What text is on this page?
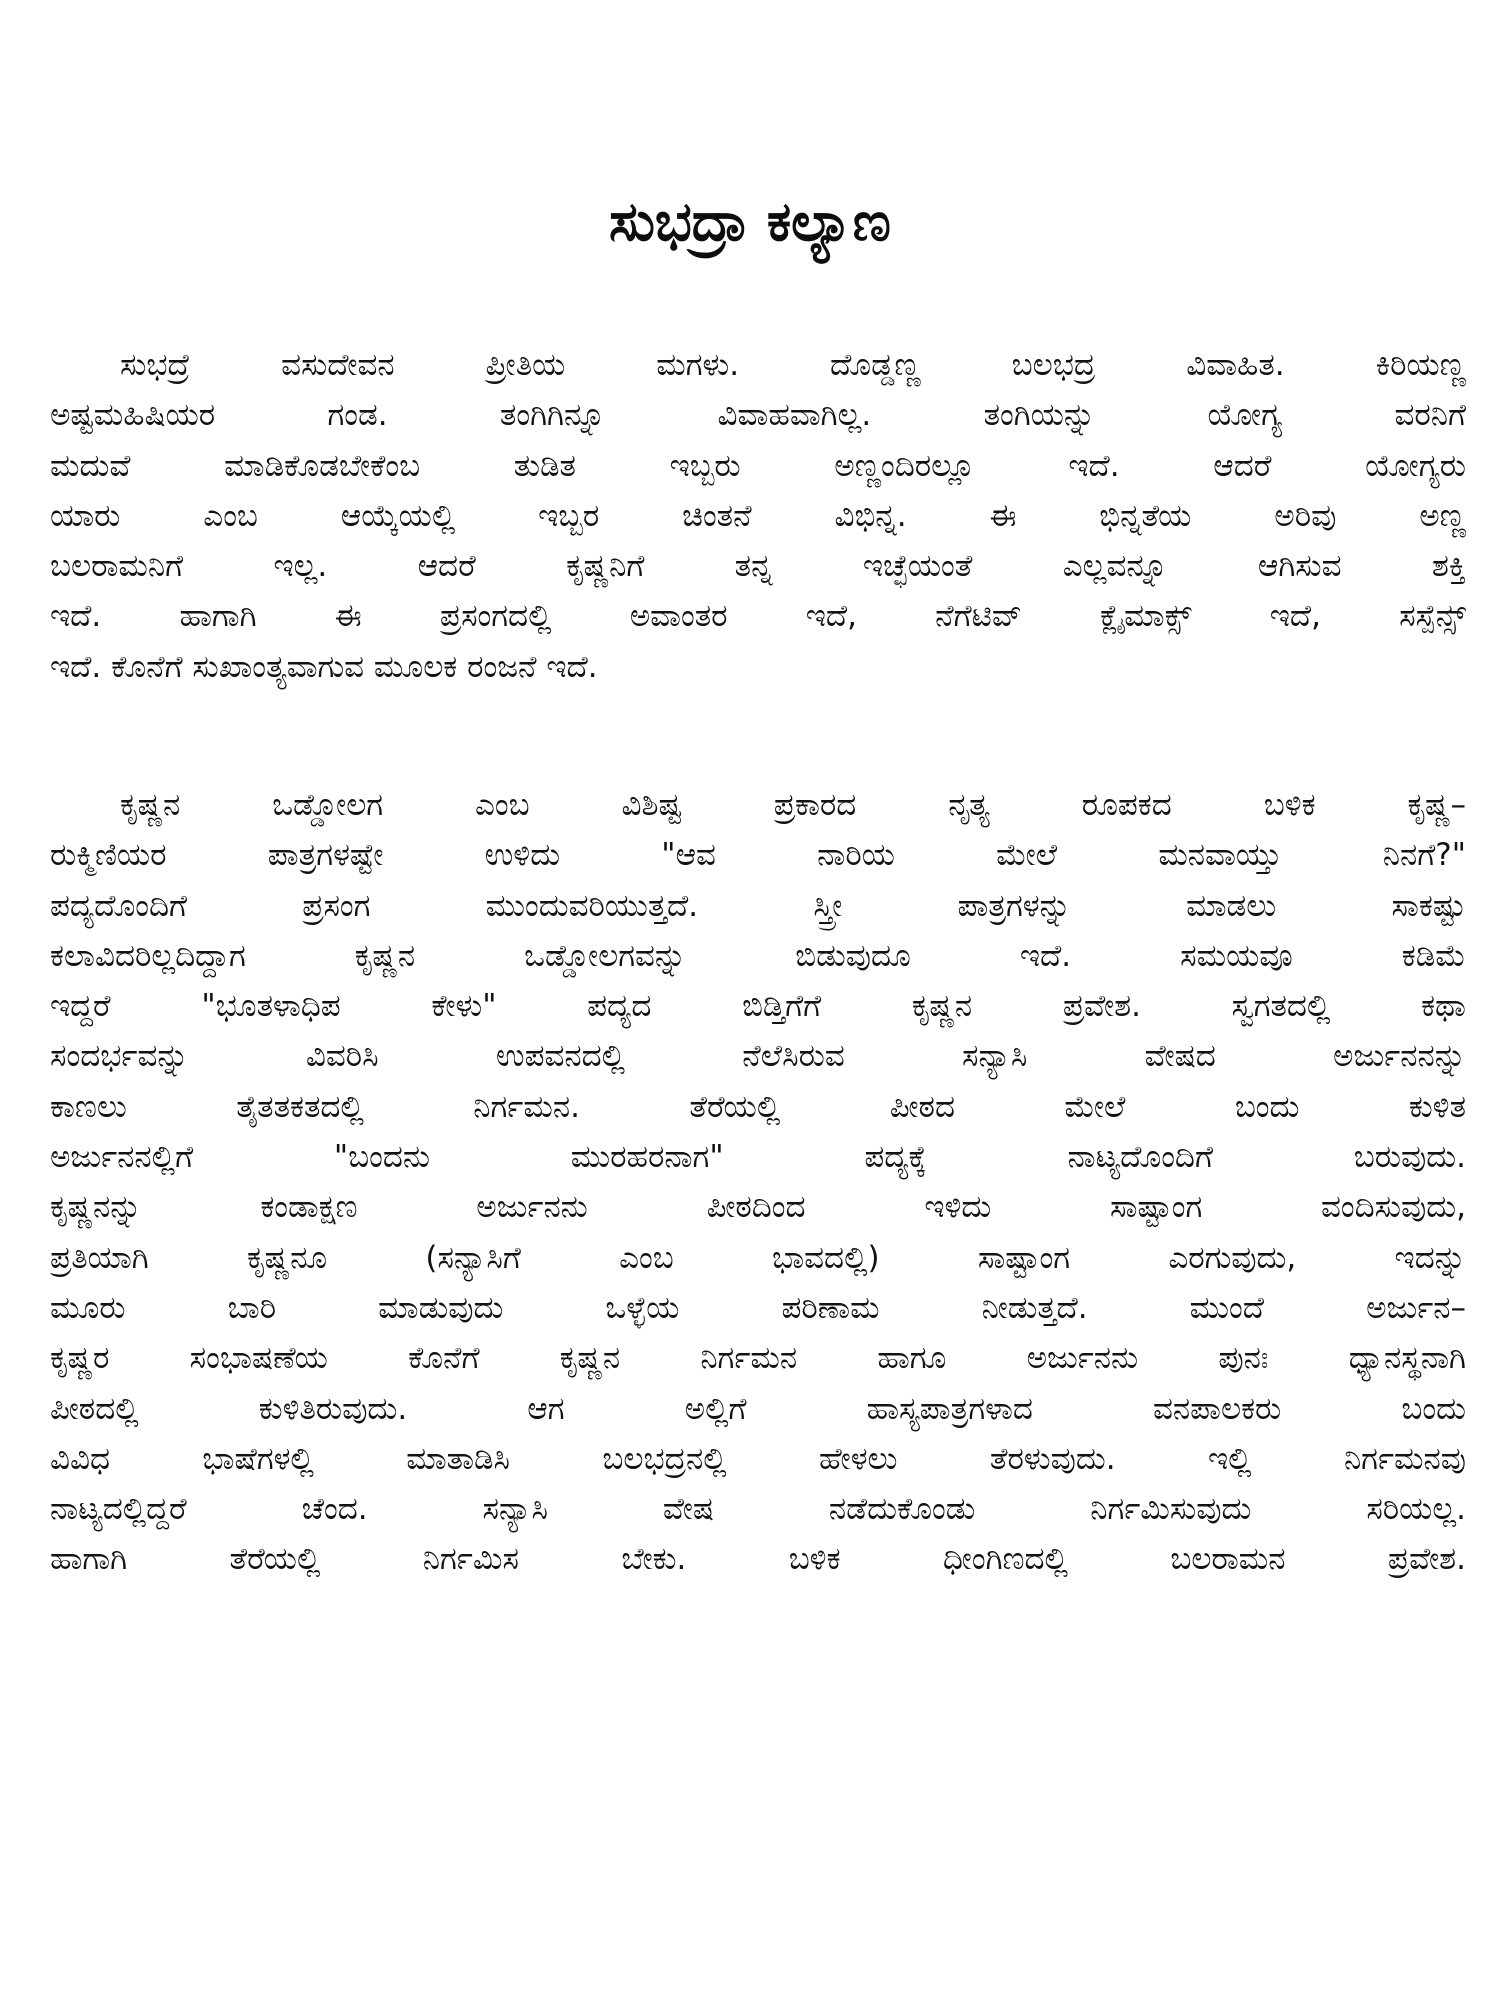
ಸುಭದ್ರಾ ಕಲ್ಯಾಣ
ಸುಭದ್ರೆ ವಸುದೇವನ ಪ್ರೀತಿಯ ಮಗಳು. ದೊಡ್ಡಣ್ಣ ಬಲಭದ್ರ ವಿವಾಹಿತ. ಕಿರಿಯಣ್ಣ
ಅಷ್ಟಮಹಿಷಿಯರ ಗಂಡ. ತಂಗಿಗಿನ್ನೂ ವಿವಾಹವಾಗಿಲ್ಲ. ತಂಗಿಯನ್ನು ಯೋಗ್ಯ ವರನಿಗೆ
ಮದುವೆ ಮಾಡಿಕೊಡಬೇಕೆಂಬ ತುಡಿತ ಇಬ್ಬರು ಅಣ್ಣಂದಿರಲ್ಲೂ ಇದೆ. ಆದರೆ ಯೋಗ್ಯರು
ಯಾರು ಎಂಬ ಆಯ್ಕೆಯಲ್ಲಿ ಇಬ್ಬರ ಚಿಂತನೆ ವಿಭಿನ್ನ. ಈ ಭಿನ್ನತೆಯ ಅರಿವು ಅಣ್ಣ
ಬಲರಾಮನಿಗೆ ಇಲ್ಲ. ಆದರೆ ಕೃಷ್ಣನಿಗೆ ತನ್ನ ಇಚ್ಛೆಯಂತೆ ಎಲ್ಲವನ್ನೂ ಆಗಿಸುವ ಶಕ್ತಿ
ಇದೆ. ಹಾಗಾಗಿ ಈ ಪ್ರಸಂಗದಲ್ಲಿ ಅವಾಂತರ ಇದೆ, ನೆಗೆಟಿವ್ ಕ್ಲೈಮಾಕ್ಸ್ ಇದೆ, ಸಸ್ಪೆನ್ಸ್
ಇದೆ. ಕೊನೆಗೆ ಸುಖಾಂತ್ಯವಾಗುವ ಮೂಲಕ ರಂಜನೆ ಇದೆ.
ಕೃಷ್ಣನ ಒಡ್ಡೋಲಗ ಎಂಬ ವಿಶಿಷ್ಟ ಪ್ರಕಾರದ ನೃತ್ಯ ರೂಪಕದ ಬಳಿಕ ಕೃಷ್ಣ–
ರುಕ್ಮಿಣಿಯರ ಪಾತ್ರಗಳಷ್ಟೇ ಉಳಿದು "ಆವ ನಾರಿಯ ಮೇಲೆ ಮನವಾಯ್ತು ನಿನಗೆ?"
ಪದ್ಯದೊಂದಿಗೆ ಪ್ರಸಂಗ ಮುಂದುವರಿಯುತ್ತದೆ. ಸ್ತ್ರೀ ಪಾತ್ರಗಳನ್ನು ಮಾಡಲು ಸಾಕಷ್ಟು
ಕಲಾವಿದರಿಲ್ಲದಿದ್ದಾಗ ಕೃಷ್ಣನ ಒಡ್ಡೋಲಗವನ್ನು ಬಿಡುವುದೂ ಇದೆ. ಸಮಯವೂ ಕಡಿಮೆ
ಇದ್ದರೆ "ಭೂತಳಾಧಿಪ ಕೇಳು" ಪದ್ಯದ ಬಿಡ್ತಿಗೆಗೆ ಕೃಷ್ಣನ ಪ್ರವೇಶ. ಸ್ವಗತದಲ್ಲಿ ಕಥಾ
ಸಂದರ್ಭವನ್ನು ವಿವರಿಸಿ ಉಪವನದಲ್ಲಿ ನೆಲೆಸಿರುವ ಸನ್ಯಾಸಿ ವೇಷದ ಅರ್ಜುನನನ್ನು
ಕಾಣಲು ತೈತತಕತದಲ್ಲಿ ನಿರ್ಗಮನ. ತೆರೆಯಲ್ಲಿ ಪೀಠದ ಮೇಲೆ ಬಂದು ಕುಳಿತ
ಅರ್ಜುನನಲ್ಲಿಗೆ "ಬಂದನು ಮುರಹರನಾಗ" ಪದ್ಯಕ್ಕೆ ನಾಟ್ಯದೊಂದಿಗೆ ಬರುವುದು.
ಕೃಷ್ಣನನ್ನು ಕಂಡಾಕ್ಷಣ ಅರ್ಜುನನು ಪೀಠದಿಂದ ಇಳಿದು ಸಾಷ್ಟಾಂಗ ವಂದಿಸುವುದು,
ಪ್ರತಿಯಾಗಿ ಕೃಷ್ಣನೂ (ಸನ್ಯಾಸಿಗೆ ಎಂಬ ಭಾವದಲ್ಲಿ) ಸಾಷ್ಟಾಂಗ ಎರಗುವುದು, ಇದನ್ನು
ಮೂರು ಬಾರಿ ಮಾಡುವುದು ಒಳ್ಳೆಯ ಪರಿಣಾಮ ನೀಡುತ್ತದೆ. ಮುಂದೆ ಅರ್ಜುನ–
ಕೃಷ್ಣರ ಸಂಭಾಷಣೆಯ ಕೊನೆಗೆ ಕೃಷ್ಣನ ನಿರ್ಗಮನ ಹಾಗೂ ಅರ್ಜುನನು ಪುನಃ ಧ್ಯಾನಸ್ಥನಾಗಿ
ಪೀಠದಲ್ಲಿ ಕುಳಿತಿರುವುದು. ಆಗ ಅಲ್ಲಿಗೆ ಹಾಸ್ಯಪಾತ್ರಗಳಾದ ವನಪಾಲಕರು ಬಂದು
ವಿವಿಧ ಭಾಷೆಗಳಲ್ಲಿ ಮಾತಾಡಿಸಿ ಬಲಭದ್ರನಲ್ಲಿ ಹೇಳಲು ತೆರಳುವುದು. ಇಲ್ಲಿ ನಿರ್ಗಮನವು
ನಾಟ್ಯದಲ್ಲಿದ್ದರೆ ಚೆಂದ. ಸನ್ಯಾಸಿ ವೇಷ ನಡೆದುಕೊಂಡು ನಿರ್ಗಮಿಸುವುದು ಸರಿಯಲ್ಲ.
ಹಾಗಾಗಿ ತೆರೆಯಲ್ಲಿ ನಿರ್ಗಮಿಸ ಬೇಕು. ಬಳಿಕ ಧೀಂಗಿಣದಲ್ಲಿ ಬಲರಾಮನ ಪ್ರವೇಶ.
